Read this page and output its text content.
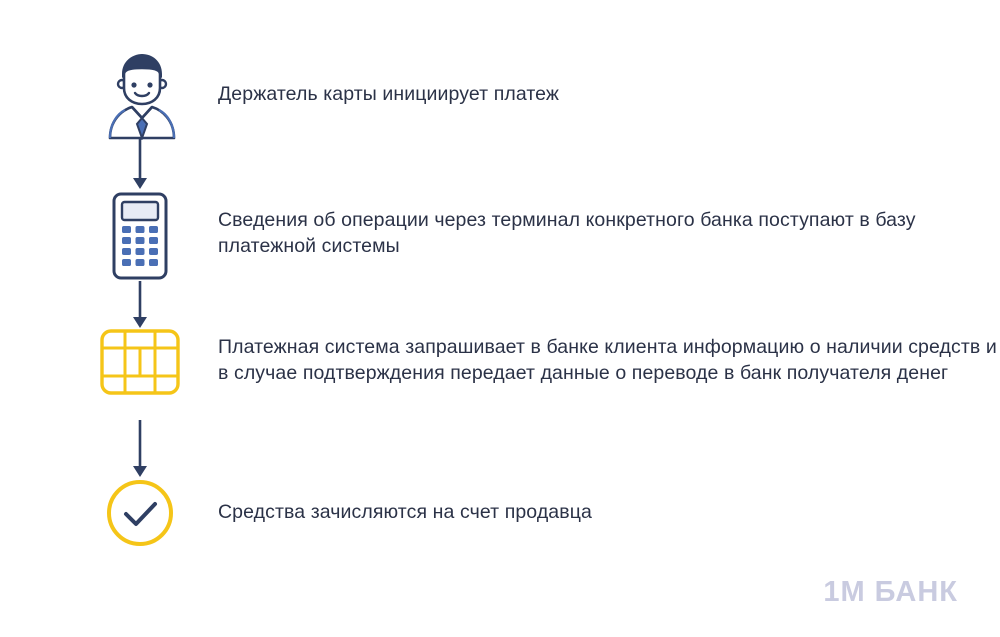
Держатель карты инициирует платеж
Сведения об операции через терминал конкретного банка поступают в базу платежной системы
Платежная система запрашивает в банке клиента информацию о наличии средств и в случае подтверждения передает данные о переводе в банк получателя денег
Средства зачисляются на счет продавца
1M БАНК
